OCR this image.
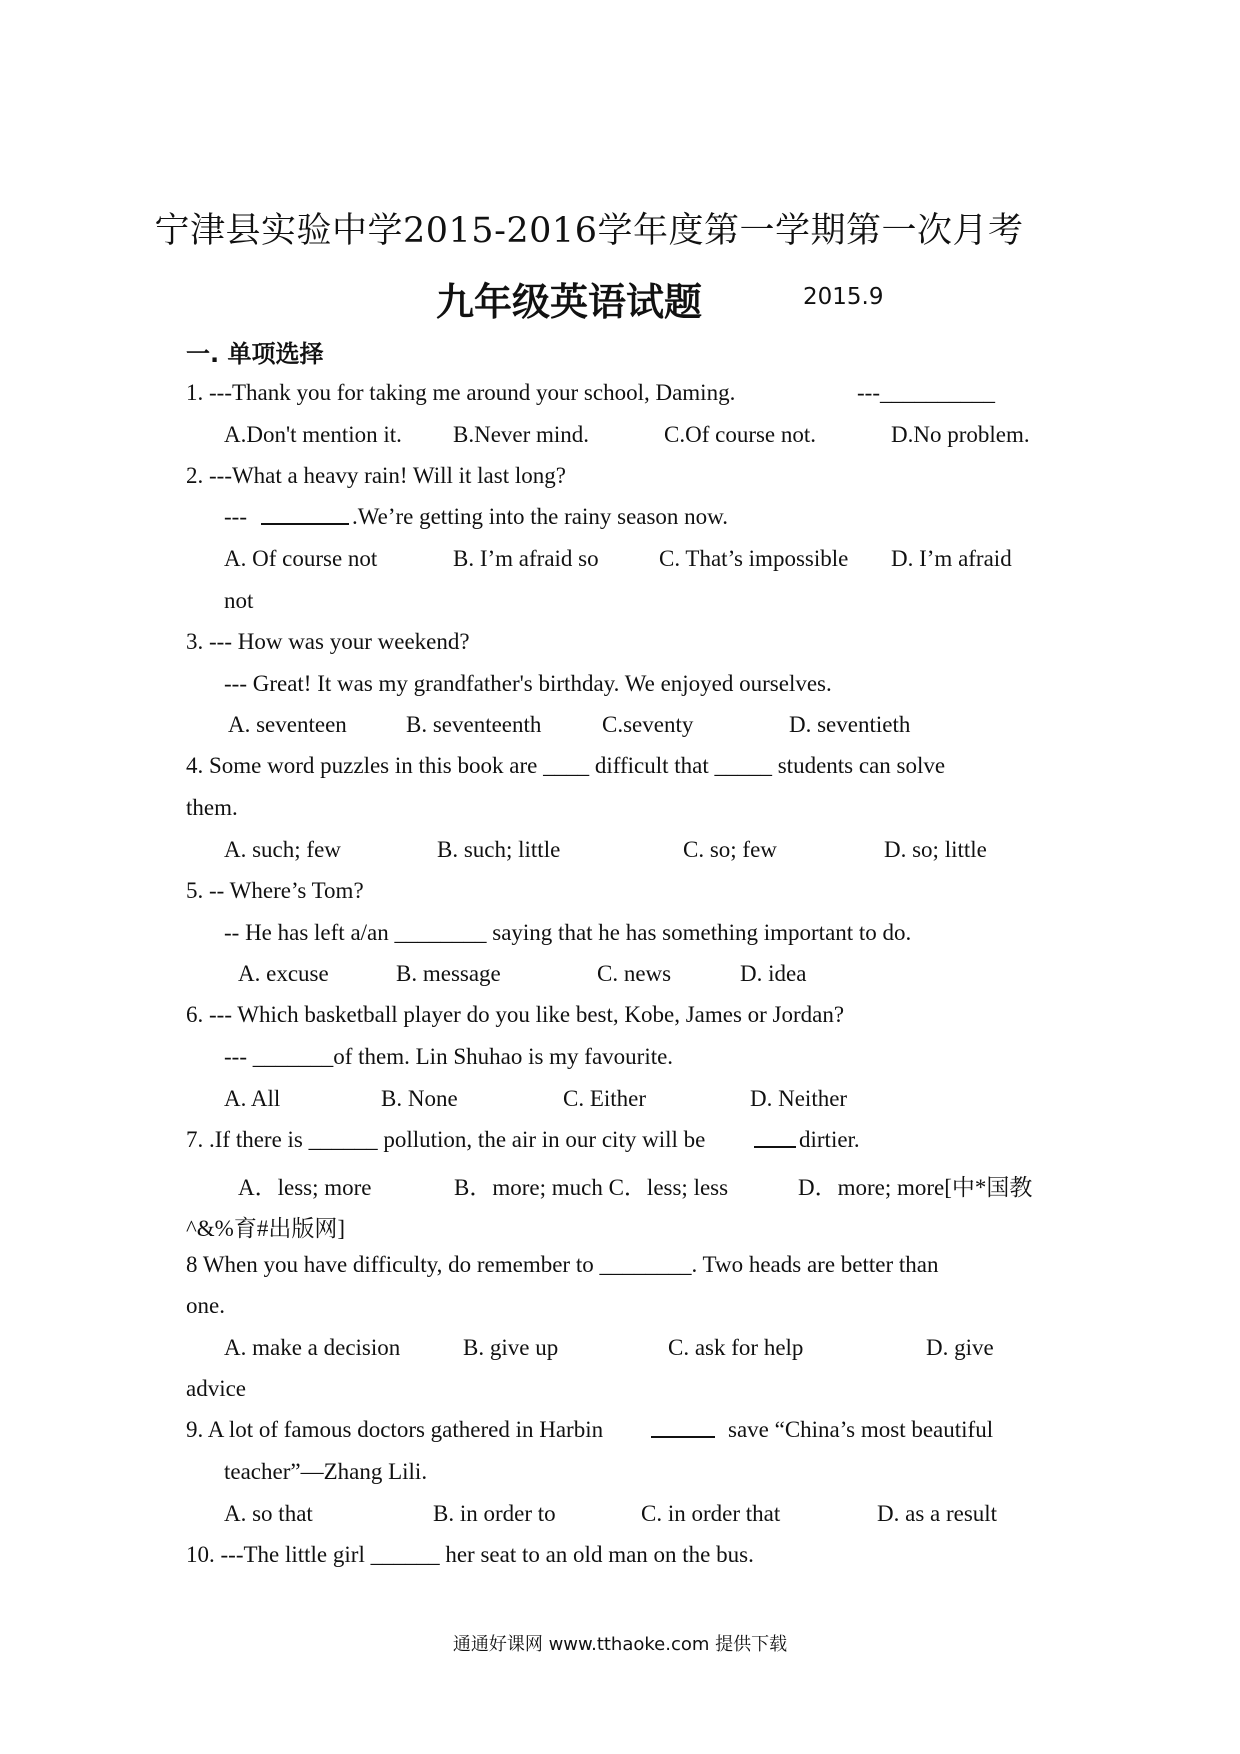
宁津县实验中学2015-2016学年度第一学期第一次月考
九年级英语试题	2015.9
一. 单项选择
1. ---Thank you for taking me around your school, Daming.	---__________
A.Don't mention it. B.Never mind.	C.Of course not.	D.No problem.
2. ---What a heavy rain! Will it last long?
---	.We’re getting into the rainy season now.
A. Of course not	B. I’m afraid so	C. That’s impossible D. I’m afraid
not
3. --- How was your weekend?
--- Great! It was my grandfather's birthday. We enjoyed ourselves.
A. seventeen	B. seventeenth	C.seventy	D. seventieth
4. Some word puzzles in this book are ____ difficult that _____ students can solve
them.
A. such; few	B. such; little	C. so; few	D. so; little
5. -- Where’s Tom?
-- He has left a/an ________ saying that he has something important to do.
A. excuse	B. message	C. news	D. idea
6. --- Which basketball player do you like best, Kobe, James or Jordan?
--- _______of them. Lin Shuhao is my favourite.
A. All	B. None	C. Either	D. Neither
7. .If there is ______ pollution, the air in our city will be	dirtier.
A．less; more	B．more; much C．less; less	D．more; more[中*国教
^&%育#出版网]
8 When you have difficulty, do remember to ________. Two heads are better than
one.
A. make a decision	B. give up	C. ask for help	D. give
advice
9. A lot of famous doctors gathered in Harbin	save “China’s most beautiful
teacher”—Zhang Lili.
A. so that	B. in order to	C. in order that	D. as a result
10. ---The little girl ______ her seat to an old man on the bus.
通通好课网 www.tthaoke.com 提供下载
